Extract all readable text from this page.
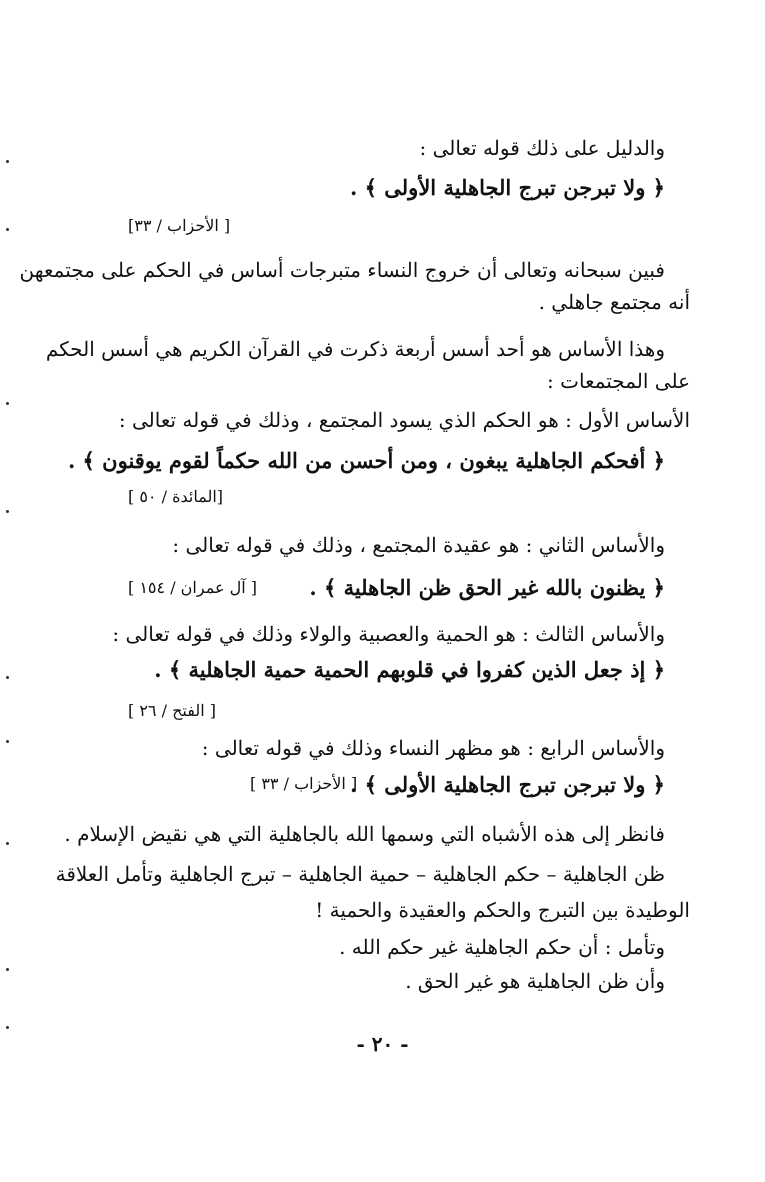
والدليل على ذلك قوله تعالى :
﴿ ولا تبرجن تبرج الجاهلية الأولى ﴾ .
[ الأحزاب / ٣٣]
فبين سبحانه وتعالى أن خروج النساء متبرجات أساس في الحكم على مجتمعهن
أنه مجتمع جاهلي .
وهذا الأساس هو أحد أسس أربعة ذكرت في القرآن الكريم هي أسس الحكم
على المجتمعات :
الأساس الأول : هو الحكم الذي يسود المجتمع ، وذلك في قوله تعالى :
﴿ أفحكم الجاهلية يبغون ، ومن أحسن من الله حكماً لقوم يوقنون ﴾ .
[المائدة / ٥٠ ]
والأساس الثاني : هو عقيدة المجتمع ، وذلك في قوله تعالى :
﴿ يظنون بالله غير الحق ظن الجاهلية ﴾ .
[ آل عمران / ١٥٤ ]
والأساس الثالث : هو الحمية والعصبية والولاء وذلك في قوله تعالى :
﴿ إذ جعل الذين كفروا في قلوبهم الحمية حمية الجاهلية ﴾ .
[ الفتح / ٢٦ ]
والأساس الرابع : هو مظهر النساء وذلك في قوله تعالى :
﴿ ولا تبرجن تبرج الجاهلية الأولى ﴾ .
[ الأحزاب / ٣٣ ]
فانظر إلى هذه الأشباه التي وسمها الله بالجاهلية التي هي نقيض الإسلام .
ظن الجاهلية – حكم الجاهلية – حمية الجاهلية – تبرج الجاهلية وتأمل العلاقة
الوطيدة بين التبرج والحكم والعقيدة والحمية !
وتأمل : أن حكم الجاهلية غير حكم الله .
وأن ظن الجاهلية هو غير الحق .
- ٢٠ -
